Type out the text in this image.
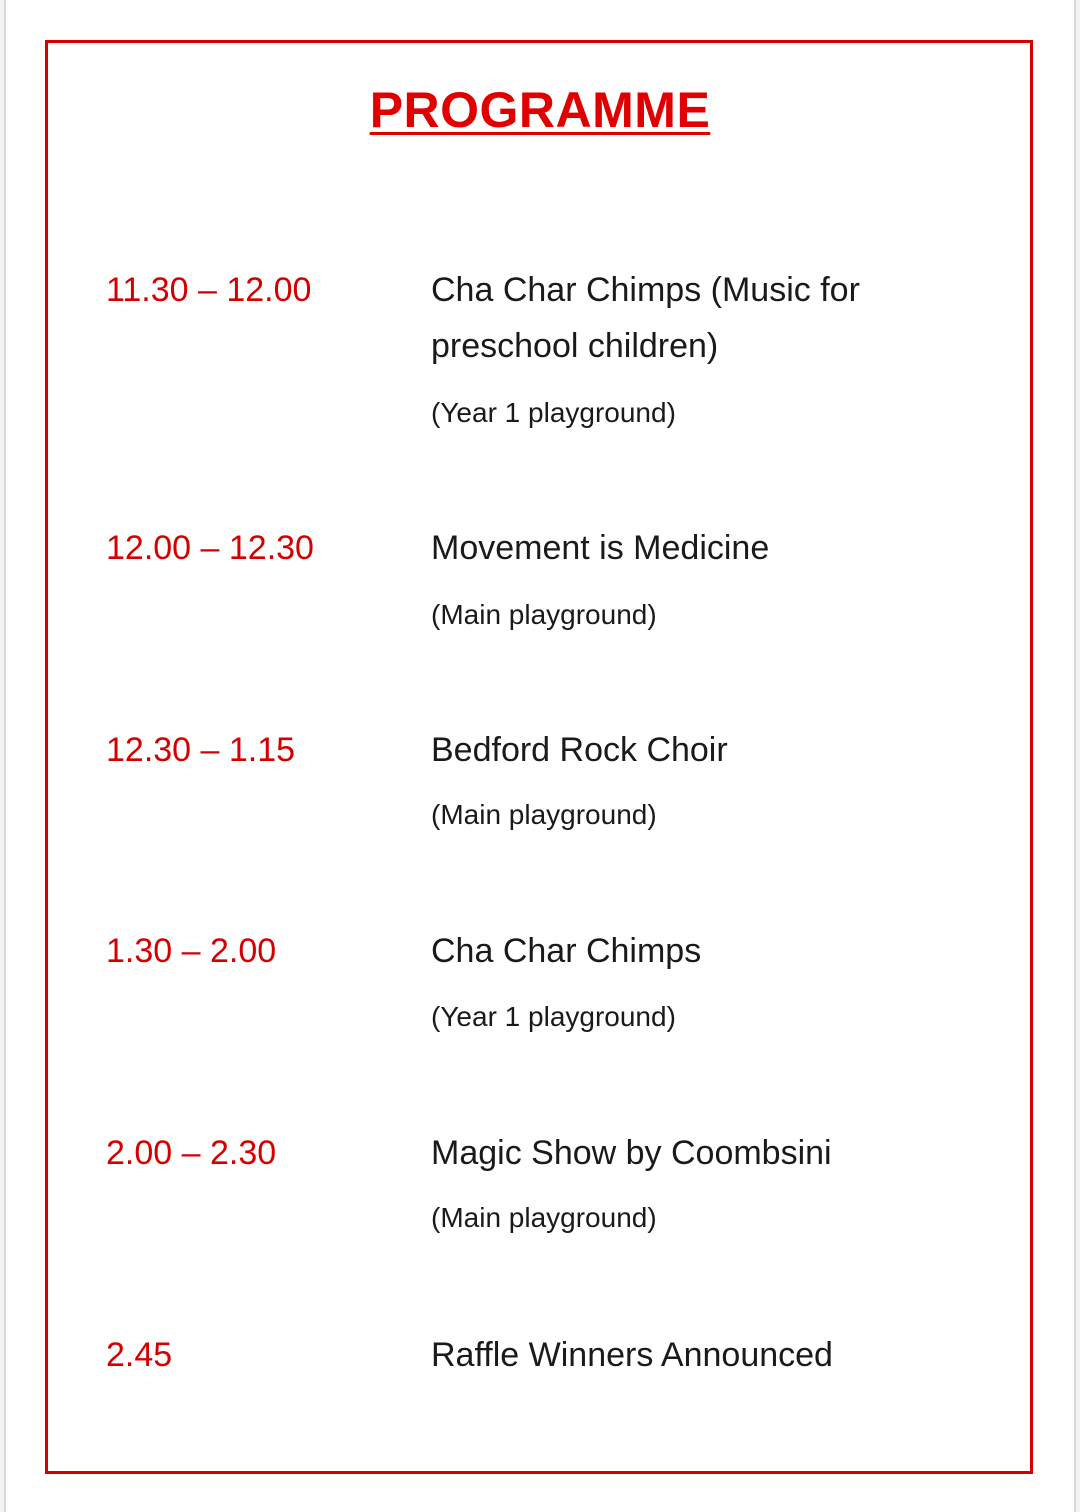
PROGRAMME
11.30 – 12.00	Cha Char Chimps (Music for preschool children)
(Year 1 playground)
12.00 – 12.30	Movement is Medicine
(Main playground)
12.30 – 1.15	Bedford Rock Choir
(Main playground)
1.30 – 2.00	Cha Char Chimps
(Year 1 playground)
2.00 – 2.30	Magic Show by Coombsini
(Main playground)
2.45	Raffle Winners Announced
